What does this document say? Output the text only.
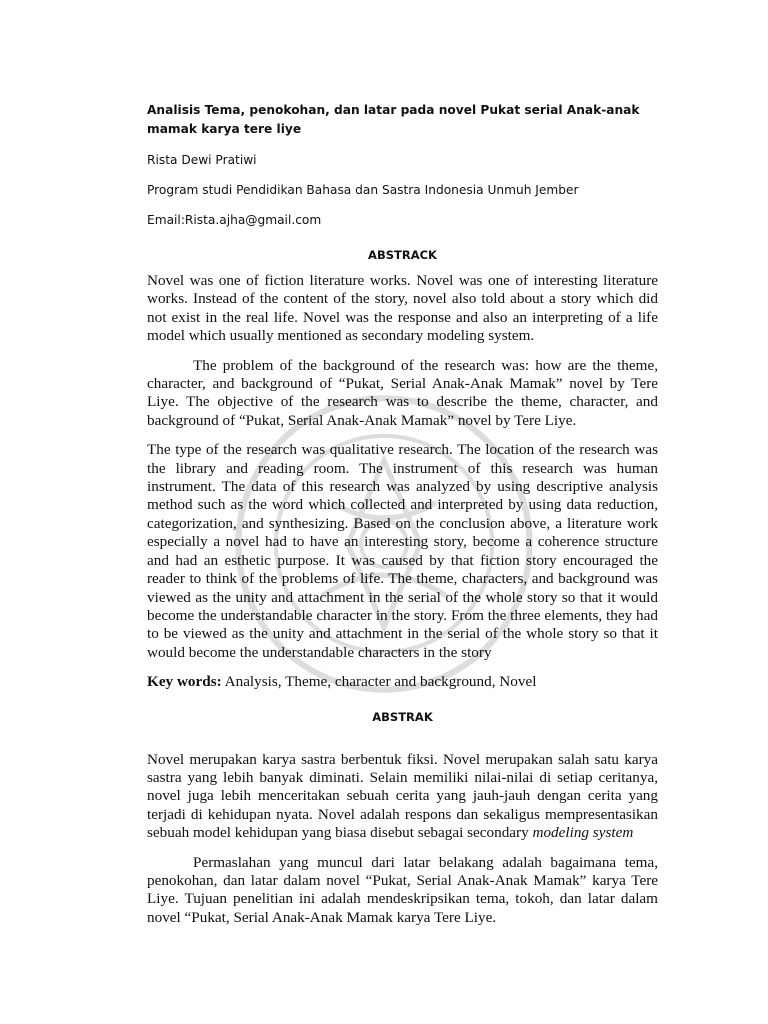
Analisis Tema, penokohan, dan latar pada novel Pukat serial Anak-anak mamak karya tere liye
Rista Dewi Pratiwi
Program studi Pendidikan Bahasa dan Sastra Indonesia Unmuh Jember
Email:Rista.ajha@gmail.com
ABSTRACK

Novel was one of fiction literature works. Novel was one of interesting literature works. Instead of the content of the story, novel also told about a story which did not exist in the real life. Novel was the response and also an interpreting of a life model which usually mentioned as secondary modeling system.

The problem of the background of the research was: how are the theme, character, and background of “Pukat, Serial Anak-Anak Mamak” novel by Tere Liye. The objective of the research was to describe the theme, character, and background of “Pukat, Serial Anak-Anak Mamak” novel by Tere Liye.

The type of the research was qualitative research. The location of the research was the library and reading room. The instrument of this research was human instrument. The data of this research was analyzed by using descriptive analysis method such as the word which collected and interpreted by using data reduction, categorization, and synthesizing. Based on the conclusion above, a literature work especially a novel had to have an interesting story, become a coherence structure and had an esthetic purpose. It was caused by that fiction story encouraged the reader to think of the problems of life. The theme, characters, and background was viewed as the unity and attachment in the serial of the whole story so that it would become the understandable character in the story. From the three elements, they had to be viewed as the unity and attachment in the serial of the whole story so that it would become the understandable characters in the story

Key words: Analysis, Theme, character and background, Novel

ABSTRAK

Novel merupakan karya sastra berbentuk fiksi. Novel merupakan salah satu karya sastra yang lebih banyak diminati. Selain memiliki nilai-nilai di setiap ceritanya, novel juga lebih menceritakan sebuah cerita yang jauh-jauh dengan cerita yang terjadi di kehidupan nyata. Novel adalah respons dan sekaligus mempresentasikan sebuah model kehidupan yang biasa disebut sebagai secondary modeling system

Permaslahan yang muncul dari latar belakang adalah bagaimana tema, penokohan, dan latar dalam novel “Pukat, Serial Anak-Anak Mamak” karya Tere Liye. Tujuan penelitian ini adalah mendeskripsikan tema, tokoh, dan latar dalam novel “Pukat, Serial Anak-Anak Mamak karya Tere Liye.
